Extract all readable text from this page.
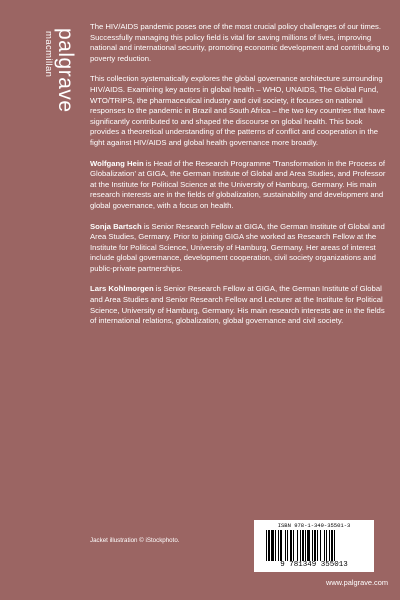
palgrave
macmillan

The HIV/AIDS pandemic poses one of the most crucial policy challenges of our times. Successfully managing this policy field is vital for saving millions of lives, improving national and international security, promoting economic development and contributing to poverty reduction.

This collection systematically explores the global governance architecture surrounding HIV/AIDS. Examining key actors in global health – WHO, UNAIDS, The Global Fund, WTO/TRIPS, the pharmaceutical industry and civil society, it focuses on national responses to the pandemic in Brazil and South Africa – the two key countries that have significantly contributed to and shaped the discourse on global health. This book provides a theoretical understanding of the patterns of conflict and cooperation in the fight against HIV/AIDS and global health governance more broadly.

Wolfgang Hein is Head of the Research Programme 'Transformation in the Process of Globalization' at GIGA, the German Institute of Global and Area Studies, and Professor at the Institute for Political Science at the University of Hamburg, Germany. His main research interests are in the fields of globalization, sustainability and development and global governance, with a focus on health.

Sonja Bartsch is Senior Research Fellow at GIGA, the German Institute of Global and Area Studies, Germany. Prior to joining GIGA she worked as Research Fellow at the Institute for Political Science, University of Hamburg, Germany. Her areas of interest include global governance, development cooperation, civil society organizations and public-private partnerships.

Lars Kohlmorgen is Senior Research Fellow at GIGA, the German Institute of Global and Area Studies and Senior Research Fellow and Lecturer at the Institute for Political Science, University of Hamburg, Germany. His main research interests are in the fields of international relations, globalization, global governance and civil society.

ISBN 978-1-349-35501-3
9 781349 355013
Jacket illustration © iStockphoto.
www.palgrave.com
